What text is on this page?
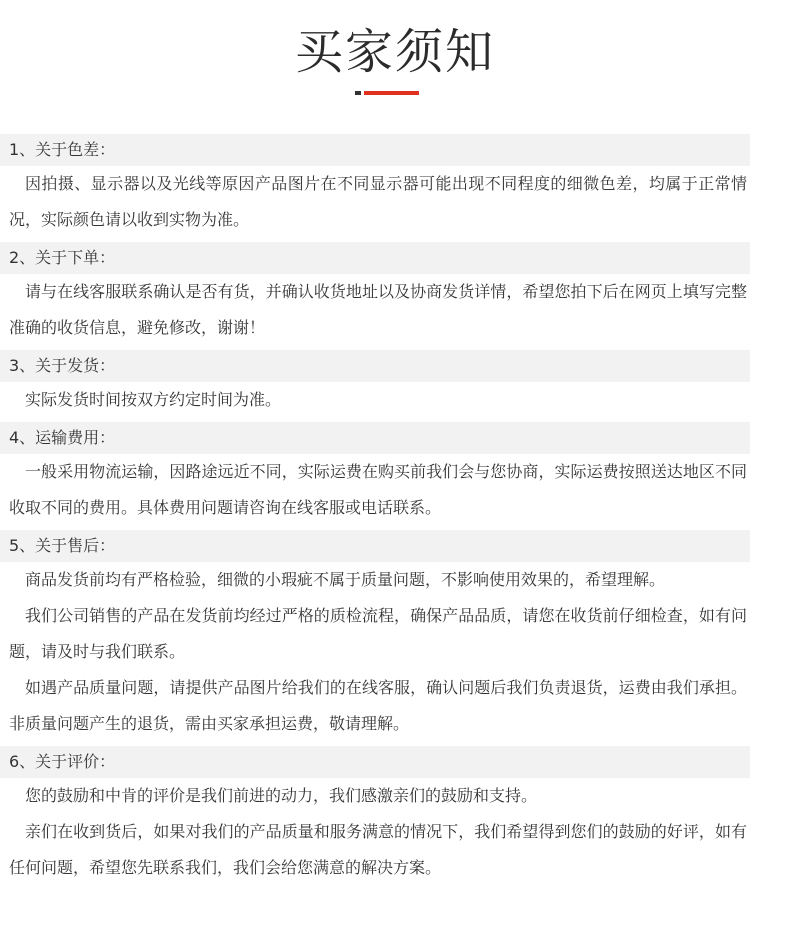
买家须知
1、关于色差：
因拍摄、显示器以及光线等原因产品图片在不同显示器可能出现不同程度的细微色差，均属于正常情况，实际颜色请以收到实物为准。
2、关于下单：
请与在线客服联系确认是否有货，并确认收货地址以及协商发货详情，希望您拍下后在网页上填写完整准确的收货信息，避免修改，谢谢！
3、关于发货：
实际发货时间按双方约定时间为准。
4、运输费用：
一般采用物流运输，因路途远近不同，实际运费在购买前我们会与您协商，实际运费按照送达地区不同收取不同的费用。具体费用问题请咨询在线客服或电话联系。
5、关于售后：
商品发货前均有严格检验，细微的小瑕疵不属于质量问题，不影响使用效果的，希望理解。
我们公司销售的产品在发货前均经过严格的质检流程，确保产品品质，请您在收货前仔细检查，如有问题，请及时与我们联系。
如遇产品质量问题，请提供产品图片给我们的在线客服，确认问题后我们负责退货，运费由我们承担。非质量问题产生的退货，需由买家承担运费，敬请理解。
6、关于评价：
您的鼓励和中肯的评价是我们前进的动力，我们感激亲们的鼓励和支持。
亲们在收到货后，如果对我们的产品质量和服务满意的情况下，我们希望得到您们的鼓励的好评，如有任何问题，希望您先联系我们，我们会给您满意的解决方案。
